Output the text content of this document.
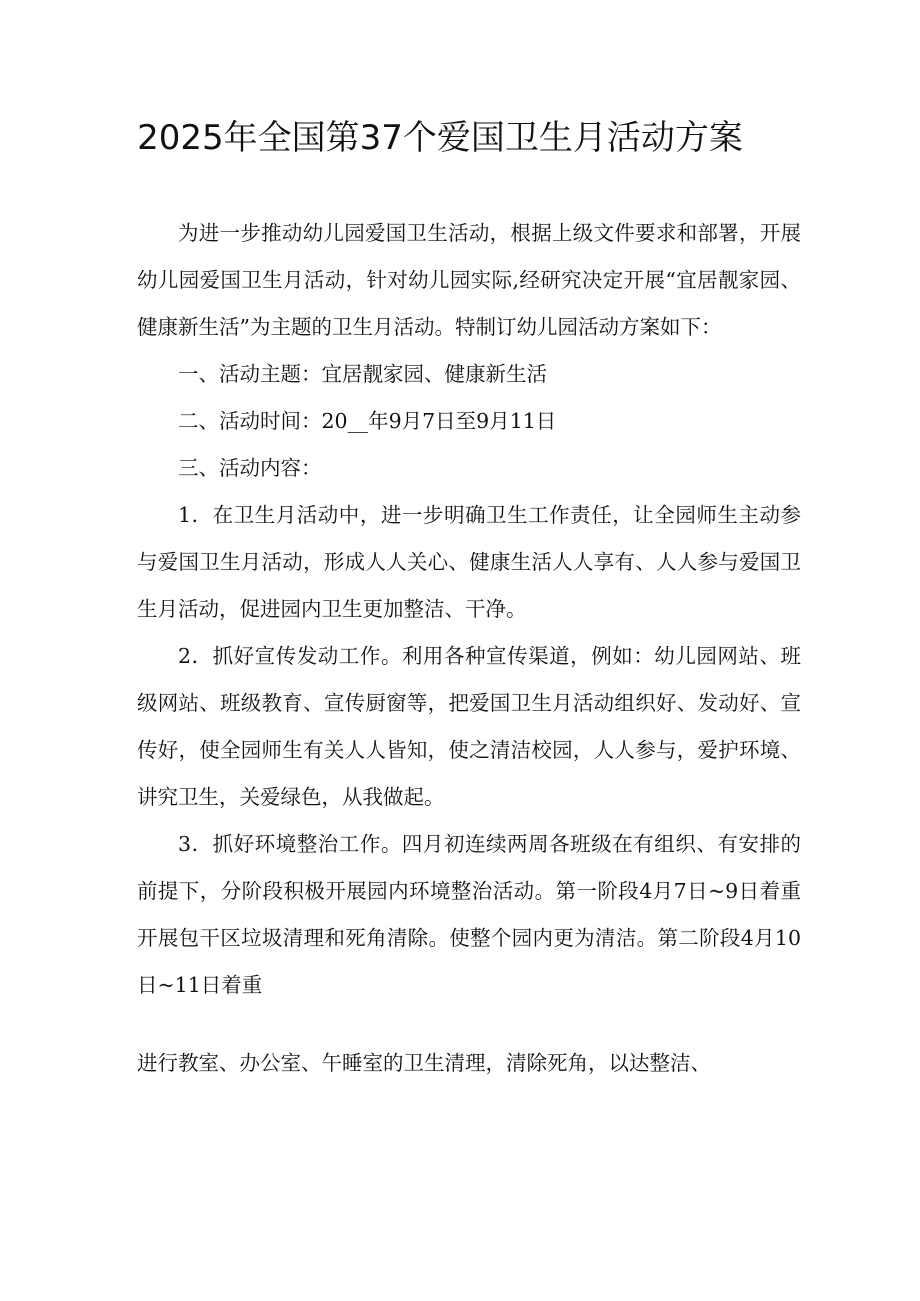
2025年全国第37个爱国卫生月活动方案

为进一步推动幼儿园爱国卫生活动，根据上级文件要求和部署，开展幼儿园爱国卫生月活动，针对幼儿园实际,经研究决定开展“宜居靓家园、健康新生活”为主题的卫生月活动。特制订幼儿园活动方案如下：

一、活动主题：宜居靓家园、健康新生活

二、活动时间：20__年9月7日至9月11日

三、活动内容：

1．在卫生月活动中，进一步明确卫生工作责任，让全园师生主动参与爱国卫生月活动，形成人人关心、健康生活人人享有、人人参与爱国卫生月活动，促进园内卫生更加整洁、干净。

2．抓好宣传发动工作。利用各种宣传渠道，例如：幼儿园网站、班级网站、班级教育、宣传厨窗等，把爱国卫生月活动组织好、发动好、宣传好，使全园师生有关人人皆知，使之清洁校园，人人参与，爱护环境、讲究卫生，关爱绿色，从我做起。

3．抓好环境整治工作。四月初连续两周各班级在有组织、有安排的前提下，分阶段积极开展园内环境整治活动。第一阶段4月7日~9日着重开展包干区垃圾清理和死角清除。使整个园内更为清洁。第二阶段4月10日~11日着重

进行教室、办公室、午睡室的卫生清理，清除死角，以达整洁、
